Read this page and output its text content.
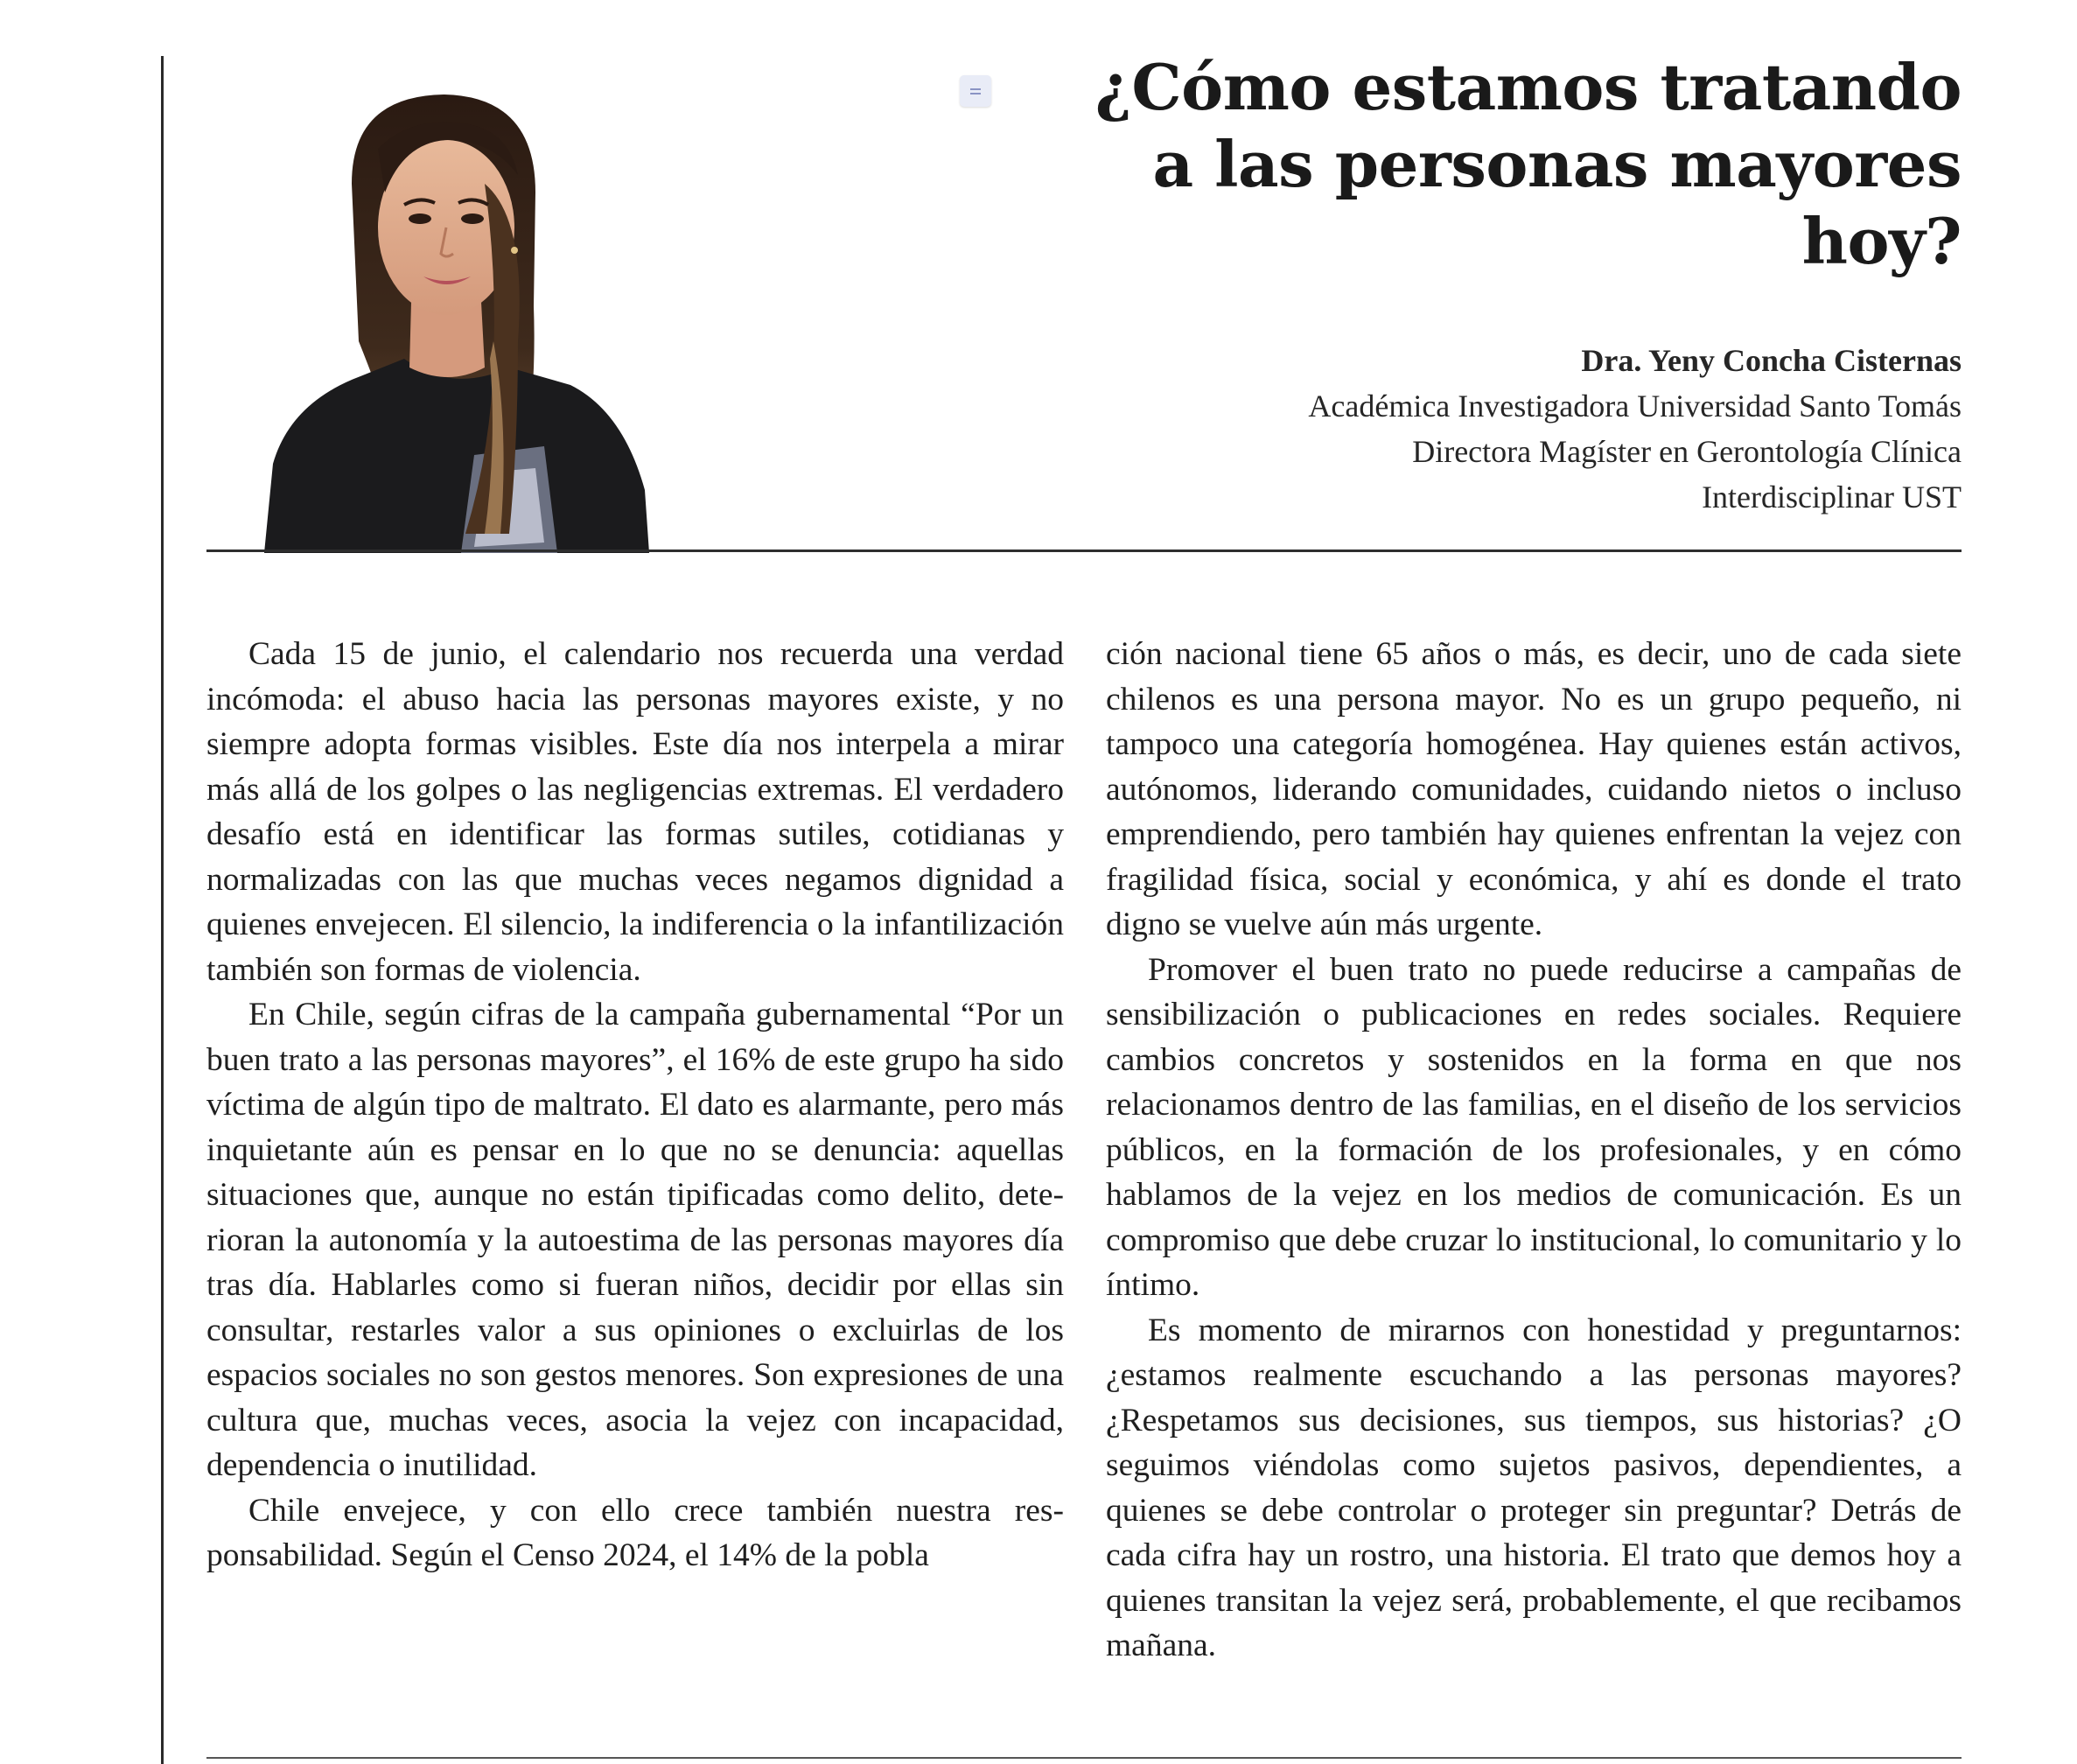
¿Cómo estamos tratando a las personas mayores hoy?
Dra. Yeny Concha Cisternas
Académica Investigadora Universidad Santo Tomás
Directora Magíster en Gerontología Clínica
Interdisciplinar UST

Cada 15 de junio, el calendario nos recuerda una verdad incómoda: el abuso hacia las personas mayores existe, y no siempre adopta formas visibles. Este día nos interpela a mirar más allá de los golpes o las negligencias extremas. El verdadero desafío está en identificar las formas sutiles, cotidianas y normalizadas con las que muchas veces negamos dignidad a quienes envejecen. El silencio, la indiferencia o la infantilización también son formas de violencia.

En Chile, según cifras de la campaña gubernamental “Por un buen trato a las personas mayores”, el 16% de este grupo ha sido víctima de algún tipo de maltrato. El dato es alarmante, pero más inquietante aún es pensar en lo que no se denuncia: aquellas situaciones que, aunque no están tipificadas como delito, deterioran la autonomía y la autoestima de las personas mayores día tras día. Hablarles como si fueran niños, decidir por ellas sin consultar, restarles valor a sus opiniones o excluirlas de los espacios sociales no son gestos menores. Son expresiones de una cultura que, muchas veces, asocia la vejez con incapacidad, dependencia o inutilidad.

Chile envejece, y con ello crece también nuestra responsabilidad. Según el Censo 2024, el 14% de la pobla

ción nacional tiene 65 años o más, es decir, uno de cada siete chilenos es una persona mayor. No es un grupo pequeño, ni tampoco una categoría homogénea. Hay quienes están activos, autónomos, liderando comunidades, cuidando nietos o incluso emprendiendo, pero también hay quienes enfrentan la vejez con fragilidad física, social y económica, y ahí es donde el trato digno se vuelve aún más urgente.

Promover el buen trato no puede reducirse a campañas de sensibilización o publicaciones en redes sociales. Requiere cambios concretos y sostenidos en la forma en que nos relacionamos dentro de las familias, en el diseño de los servicios públicos, en la formación de los profesionales, y en cómo hablamos de la vejez en los medios de comunicación. Es un compromiso que debe cruzar lo institucional, lo comunitario y lo íntimo.

Es momento de mirarnos con honestidad y preguntarnos: ¿estamos realmente escuchando a las personas mayores? ¿Respetamos sus decisiones, sus tiempos, sus historias? ¿O seguimos viéndolas como sujetos pasivos, dependientes, a quienes se debe controlar o proteger sin preguntar? Detrás de cada cifra hay un rostro, una historia. El trato que demos hoy a quienes transitan la vejez será, probablemente, el que recibamos mañana.
